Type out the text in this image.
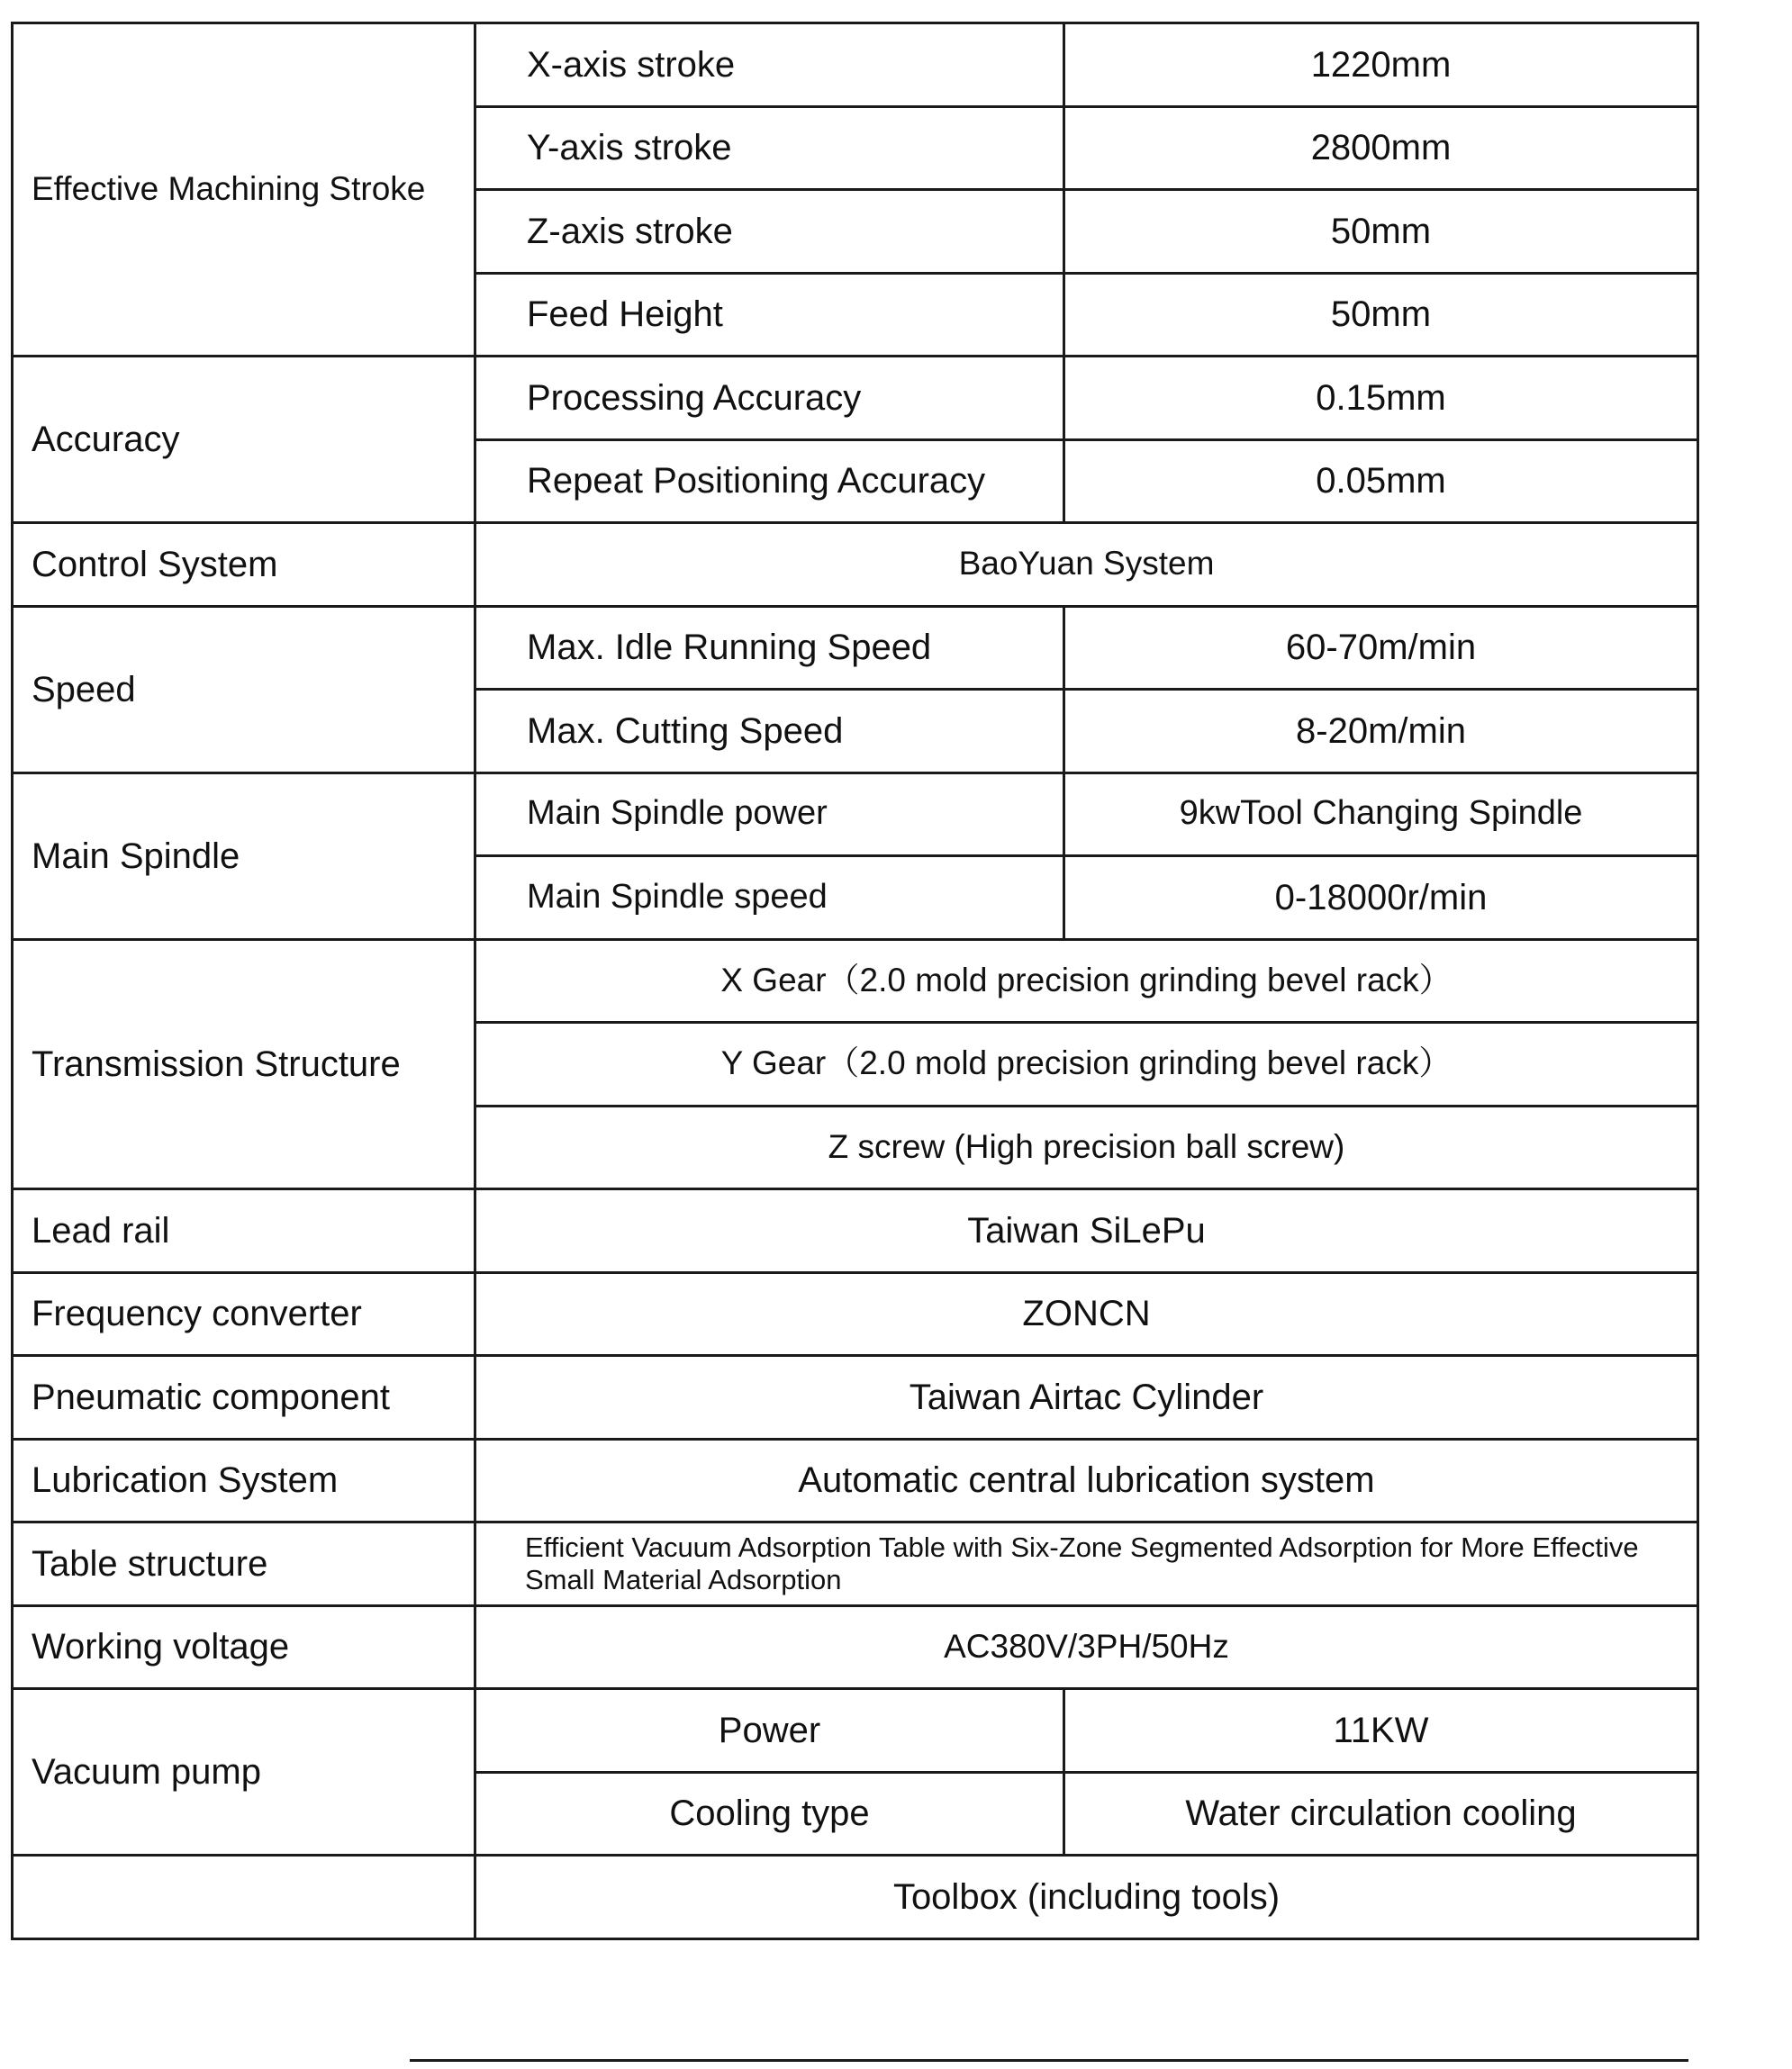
Effective Machining Stroke	X-axis stroke	1220mm
	Y-axis stroke	2800mm
	Z-axis stroke	50mm
	Feed Height	50mm
Accuracy	Processing Accuracy	0.15mm
	Repeat Positioning Accuracy	0.05mm
Control System	BaoYuan System	
Speed	Max. Idle Running Speed	60-70m/min
	Max. Cutting Speed	8-20m/min
Main Spindle	Main Spindle power	9kwTool Changing Spindle
	Main Spindle speed	0-18000r/min
Transmission Structure	X Gear（2.0 mold precision grinding bevel rack）	
	Y Gear（2.0 mold precision grinding bevel rack）	
	Z screw (High precision ball screw)	
Lead rail	Taiwan SiLePu	
Frequency converter	ZONCN	
Pneumatic component	Taiwan Airtac Cylinder	
Lubrication System	Automatic central lubrication system	
Table structure	Efficient Vacuum Adsorption Table with Six-Zone Segmented Adsorption for More Effective Small Material Adsorption	
Working voltage	AC380V/3PH/50Hz	
Vacuum pump	Power	11KW
	Cooling type	Water circulation cooling
	Toolbox (including tools)	
